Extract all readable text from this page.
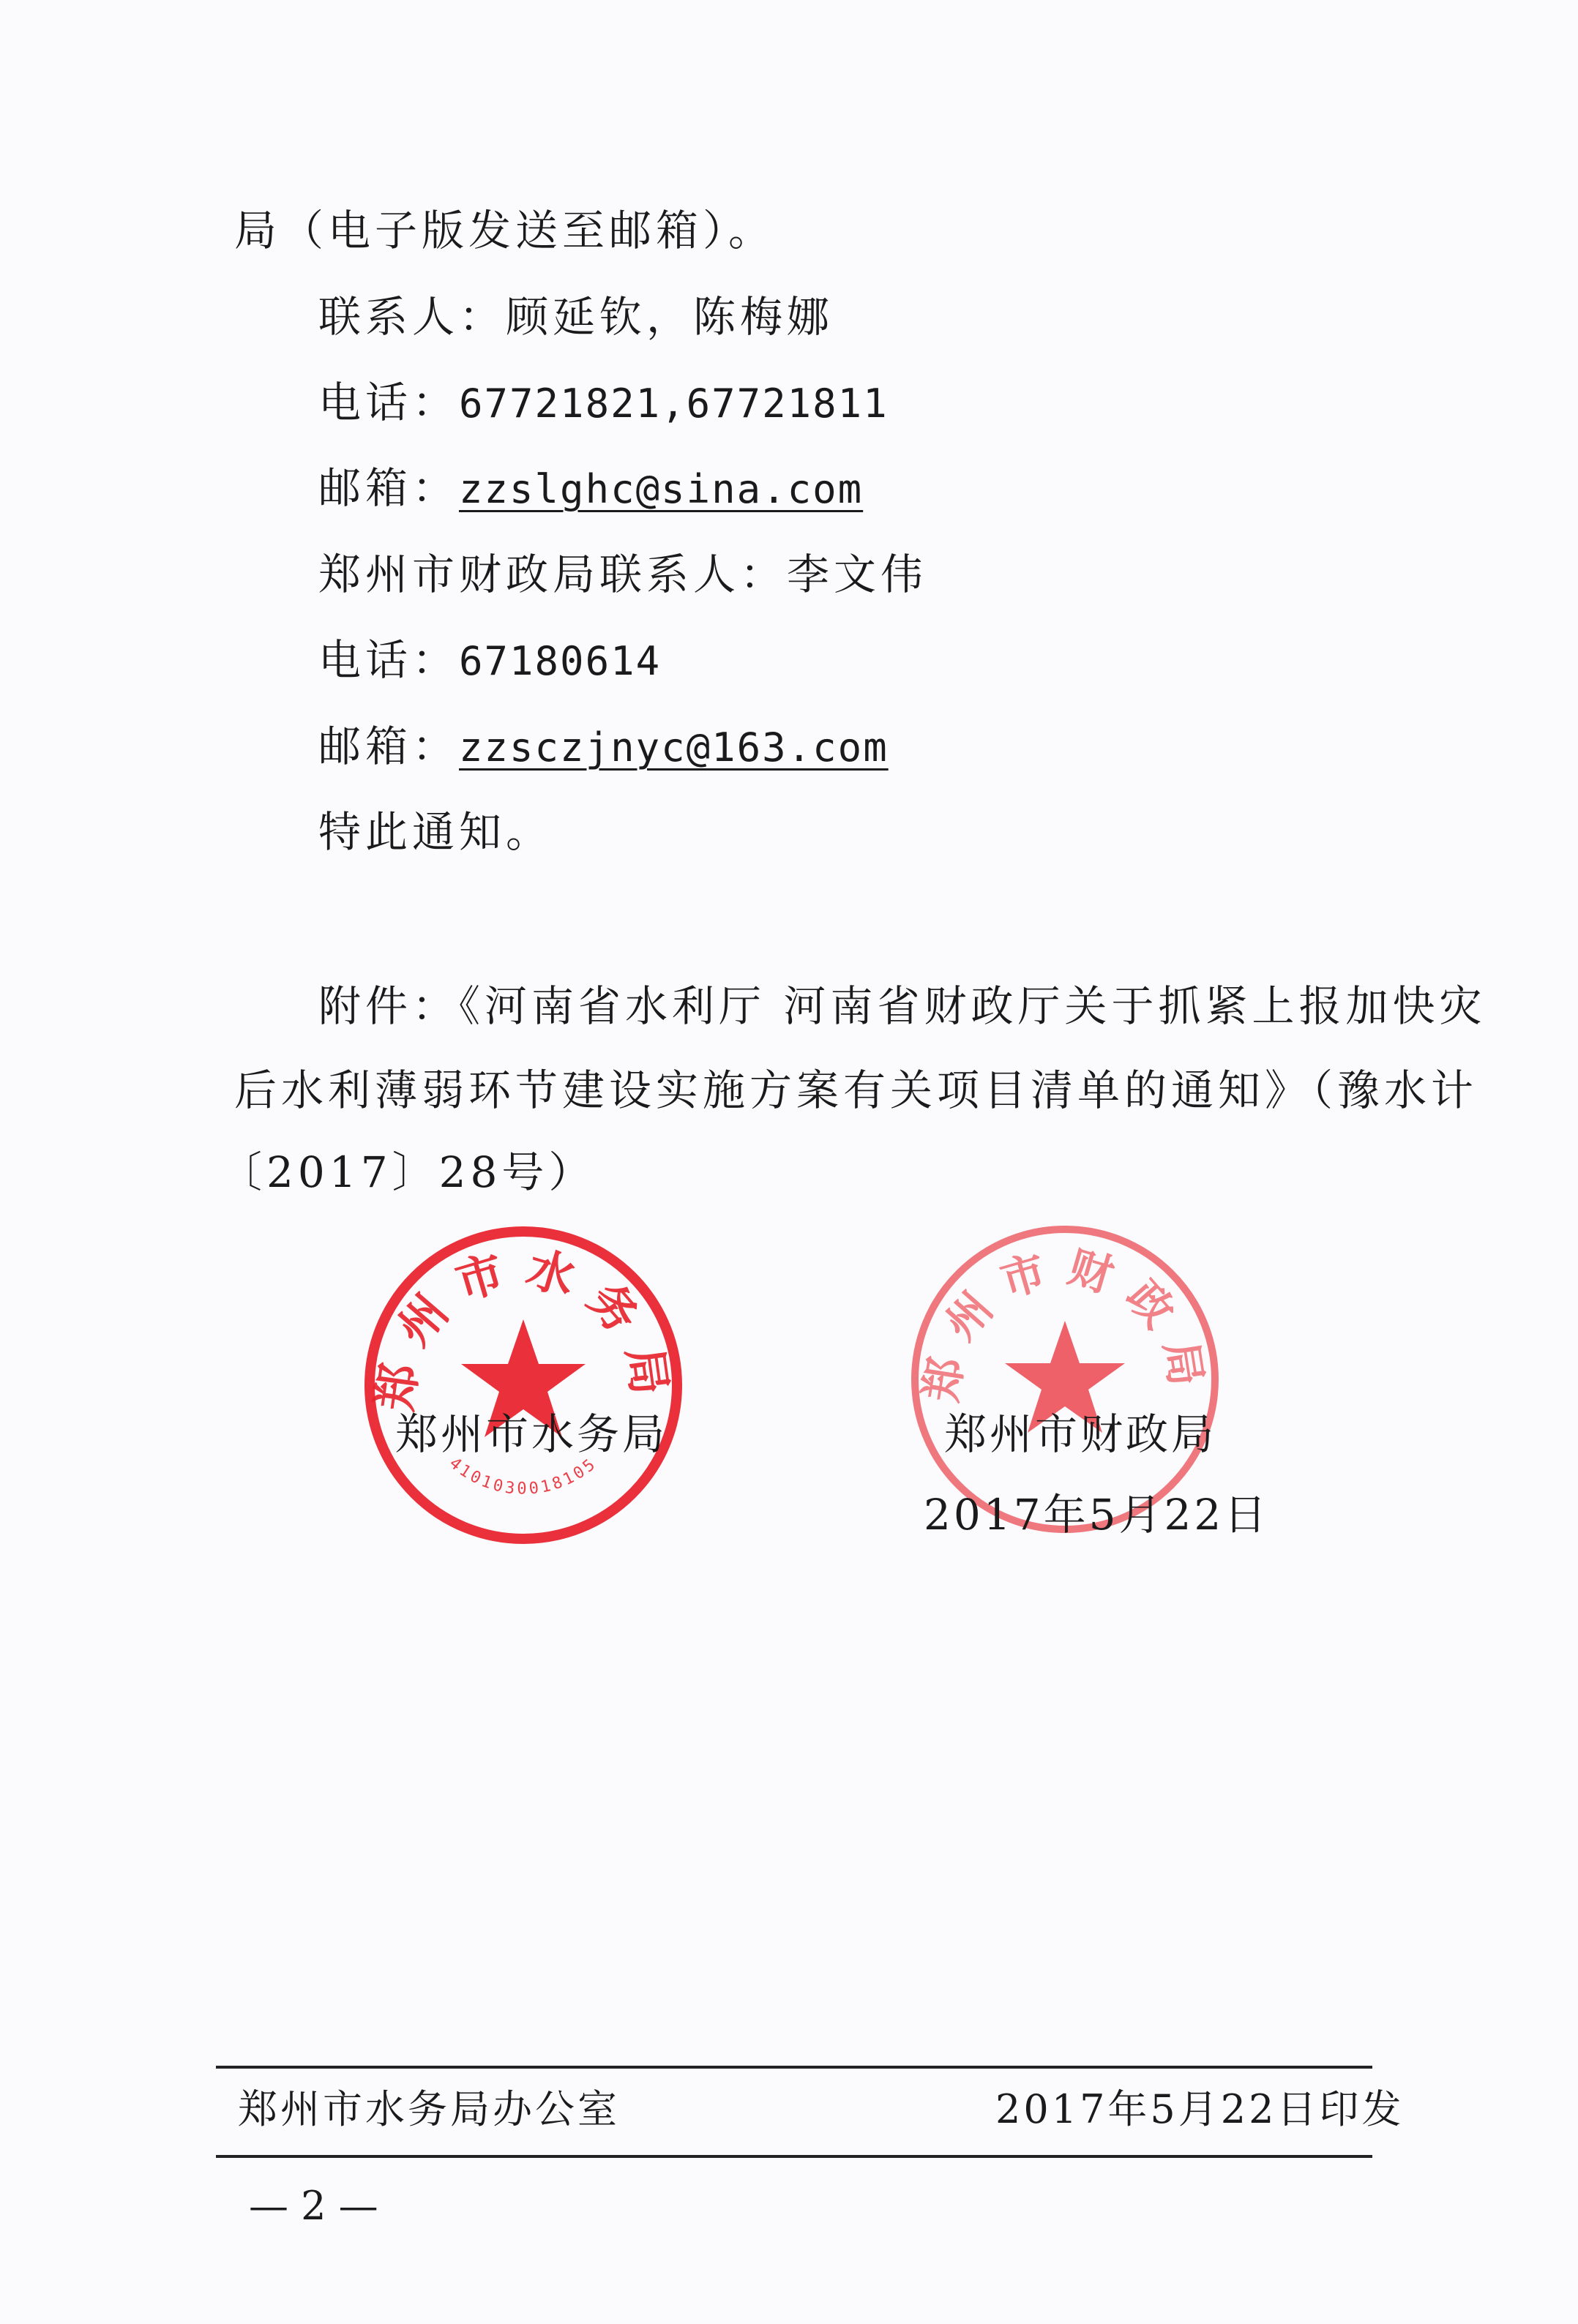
局（电子版发送至邮箱）。
联系人：顾延钦，陈梅娜
电话：67721821,67721811
邮箱：zzslghc@sina.com
郑州市财政局联系人：李文伟
电话：67180614
邮箱：zzsczjnyc@163.com
特此通知。
附件：《河南省水利厅 河南省财政厅关于抓紧上报加快灾
后水利薄弱环节建设实施方案有关项目清单的通知》（豫水计
〔2017〕28号）
郑州市水务局
4101030018105
郑州市财政局
郑州市水务局	郑州市财政局
2017年5月22日
郑州市水务局办公室	2017年5月22日印发
— 2 —
